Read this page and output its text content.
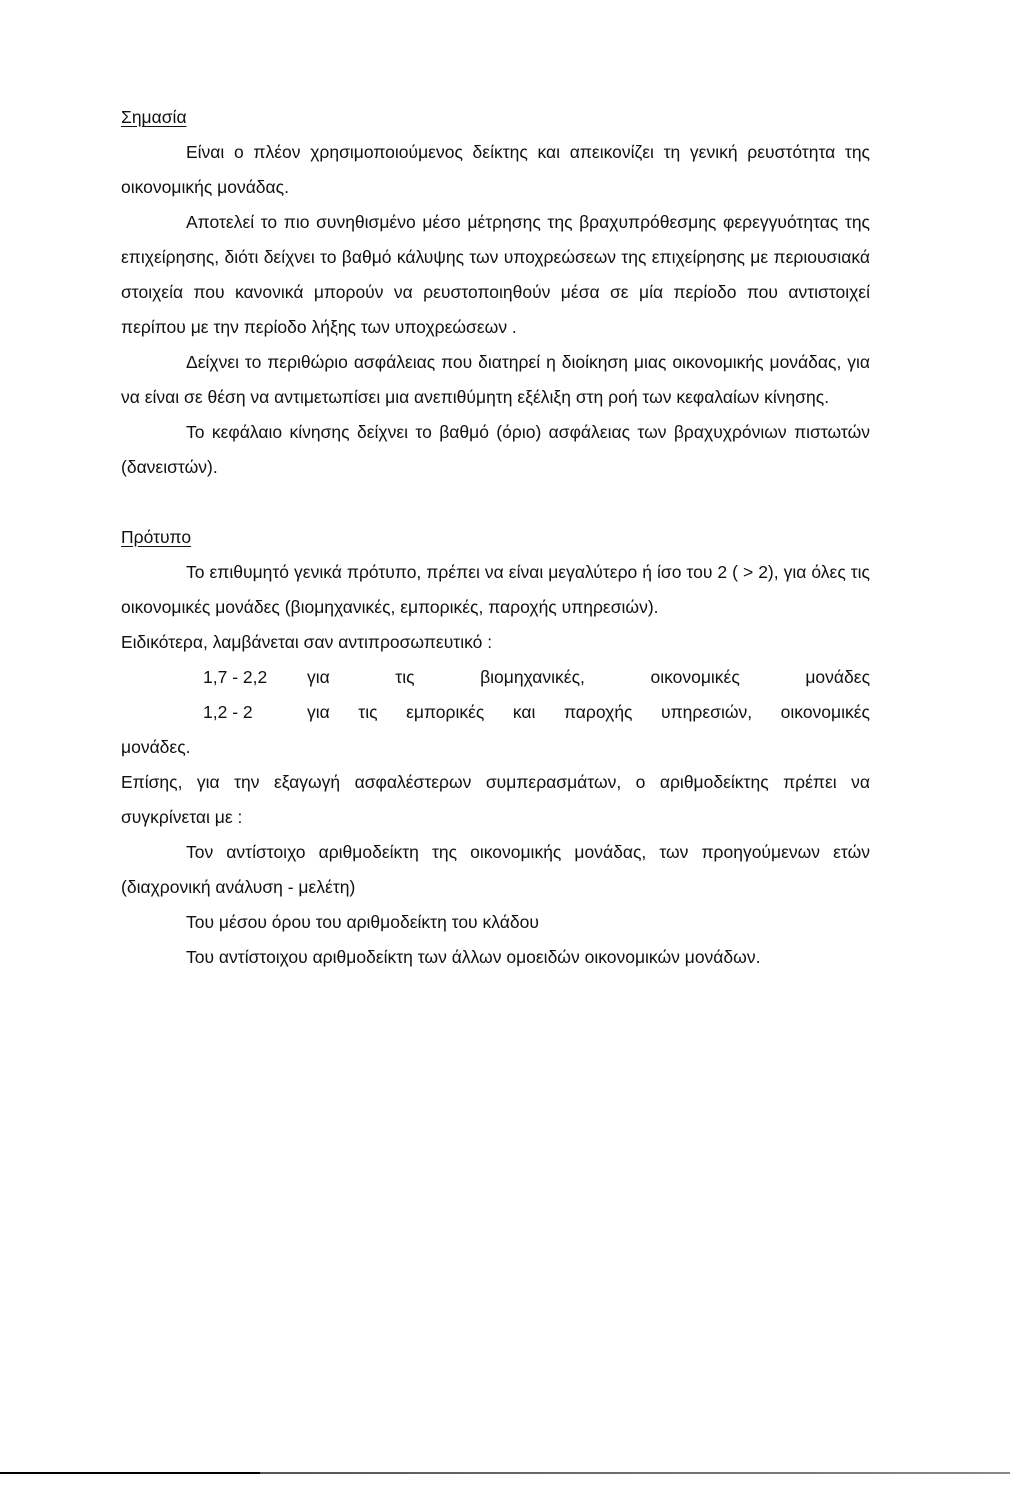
Σημασία

Είναι ο πλέον χρησιμοποιούμενος δείκτης και απεικονίζει τη γενική ρευστότητα της οικονομικής μονάδας.

Αποτελεί το πιο συνηθισμένο μέσο μέτρησης της βραχυπρόθεσμης φερεγγυότητας της επιχείρησης, διότι δείχνει το βαθμό κάλυψης των υποχρεώσεων της επιχείρησης με περιουσιακά στοιχεία που κανονικά μπορούν να ρευστοποιηθούν μέσα σε μία περίοδο που αντιστοιχεί περίπου με την περίοδο λήξης των υποχρεώσεων .

Δείχνει το περιθώριο ασφάλειας που διατηρεί η διοίκηση μιας οικονομικής μονάδας, για να είναι σε θέση να αντιμετωπίσει μια ανεπιθύμητη εξέλιξη στη ροή των κεφαλαίων κίνησης.

Το κεφάλαιο κίνησης δείχνει το βαθμό (όριο) ασφάλειας των βραχυχρόνιων πιστωτών (δανειστών).

Πρότυπο

Το επιθυμητό γενικά πρότυπο, πρέπει να είναι μεγαλύτερο ή ίσο του 2 ( > 2), για όλες τις οικονομικές μονάδες (βιομηχανικές, εμπορικές, παροχής υπηρεσιών).

Ειδικότερα, λαμβάνεται σαν αντιπροσωπευτικό :

1,7 - 2,2	για τις βιομηχανικές, οικονομικές μονάδες
1,2 - 2	για τις εμπορικές και παροχής υπηρεσιών, οικονομικές

μονάδες.

Επίσης, για την εξαγωγή ασφαλέστερων συμπερασμάτων, ο αριθμοδείκτης πρέπει να συγκρίνεται με :

Τον αντίστοιχο αριθμοδείκτη της οικονομικής μονάδας, των προηγούμενων ετών (διαχρονική ανάλυση - μελέτη)

Του μέσου όρου του αριθμοδείκτη του κλάδου

Του αντίστοιχου αριθμοδείκτη των άλλων ομοειδών οικονομικών μονάδων.
